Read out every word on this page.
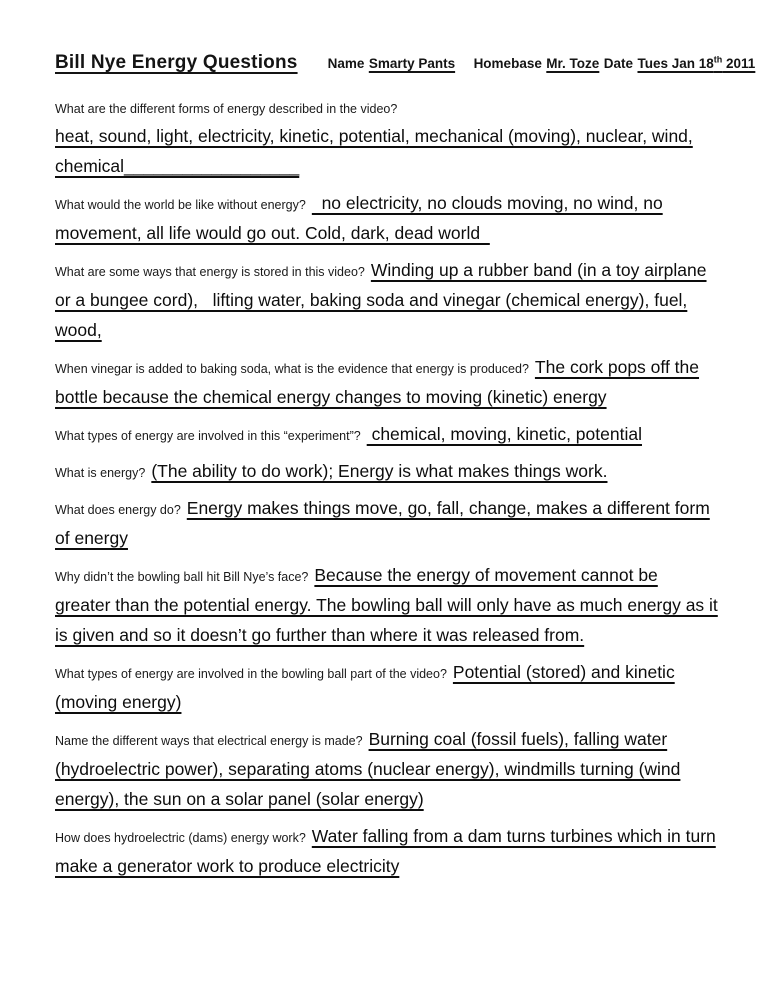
Bill Nye Energy Questions Name Smarty Pants Homebase Mr. Toze Date Tues Jan 18th 2011

What are the different forms of energy described in the video?
heat, sound, light, electricity, kinetic, potential, mechanical (moving), nuclear, wind, chemical__________________

What would the world be like without energy?  no electricity, no clouds moving, no wind, no movement, all life would go out. Cold, dark, dead world

What are some ways that energy is stored in this video? Winding up a rubber band (in a toy airplane or a bungee cord),   lifting water, baking soda and vinegar (chemical energy), fuel, wood,

When vinegar is added to baking soda, what is the evidence that energy is produced? The cork pops off the bottle because the chemical energy changes to moving (kinetic) energy

What types of energy are involved in this “experiment”? chemical, moving, kinetic, potential

What is energy? (The ability to do work); Energy is what makes things work.

What does energy do? Energy makes things move, go, fall, change, makes a different form of energy

Why didn’t the bowling ball hit Bill Nye’s face? Because the energy of movement cannot be greater than the potential energy. The bowling ball will only have as much energy as it is given and so it doesn’t go further than where it was released from.

What types of energy are involved in the bowling ball part of the video? Potential (stored) and kinetic (moving energy)

Name the different ways that electrical energy is made? Burning coal (fossil fuels), falling water (hydroelectric power), separating atoms (nuclear energy), windmills turning (wind energy), the sun on a solar panel (solar energy)

How does hydroelectric (dams) energy work? Water falling from a dam turns turbines which in turn make a generator work to produce electricity
